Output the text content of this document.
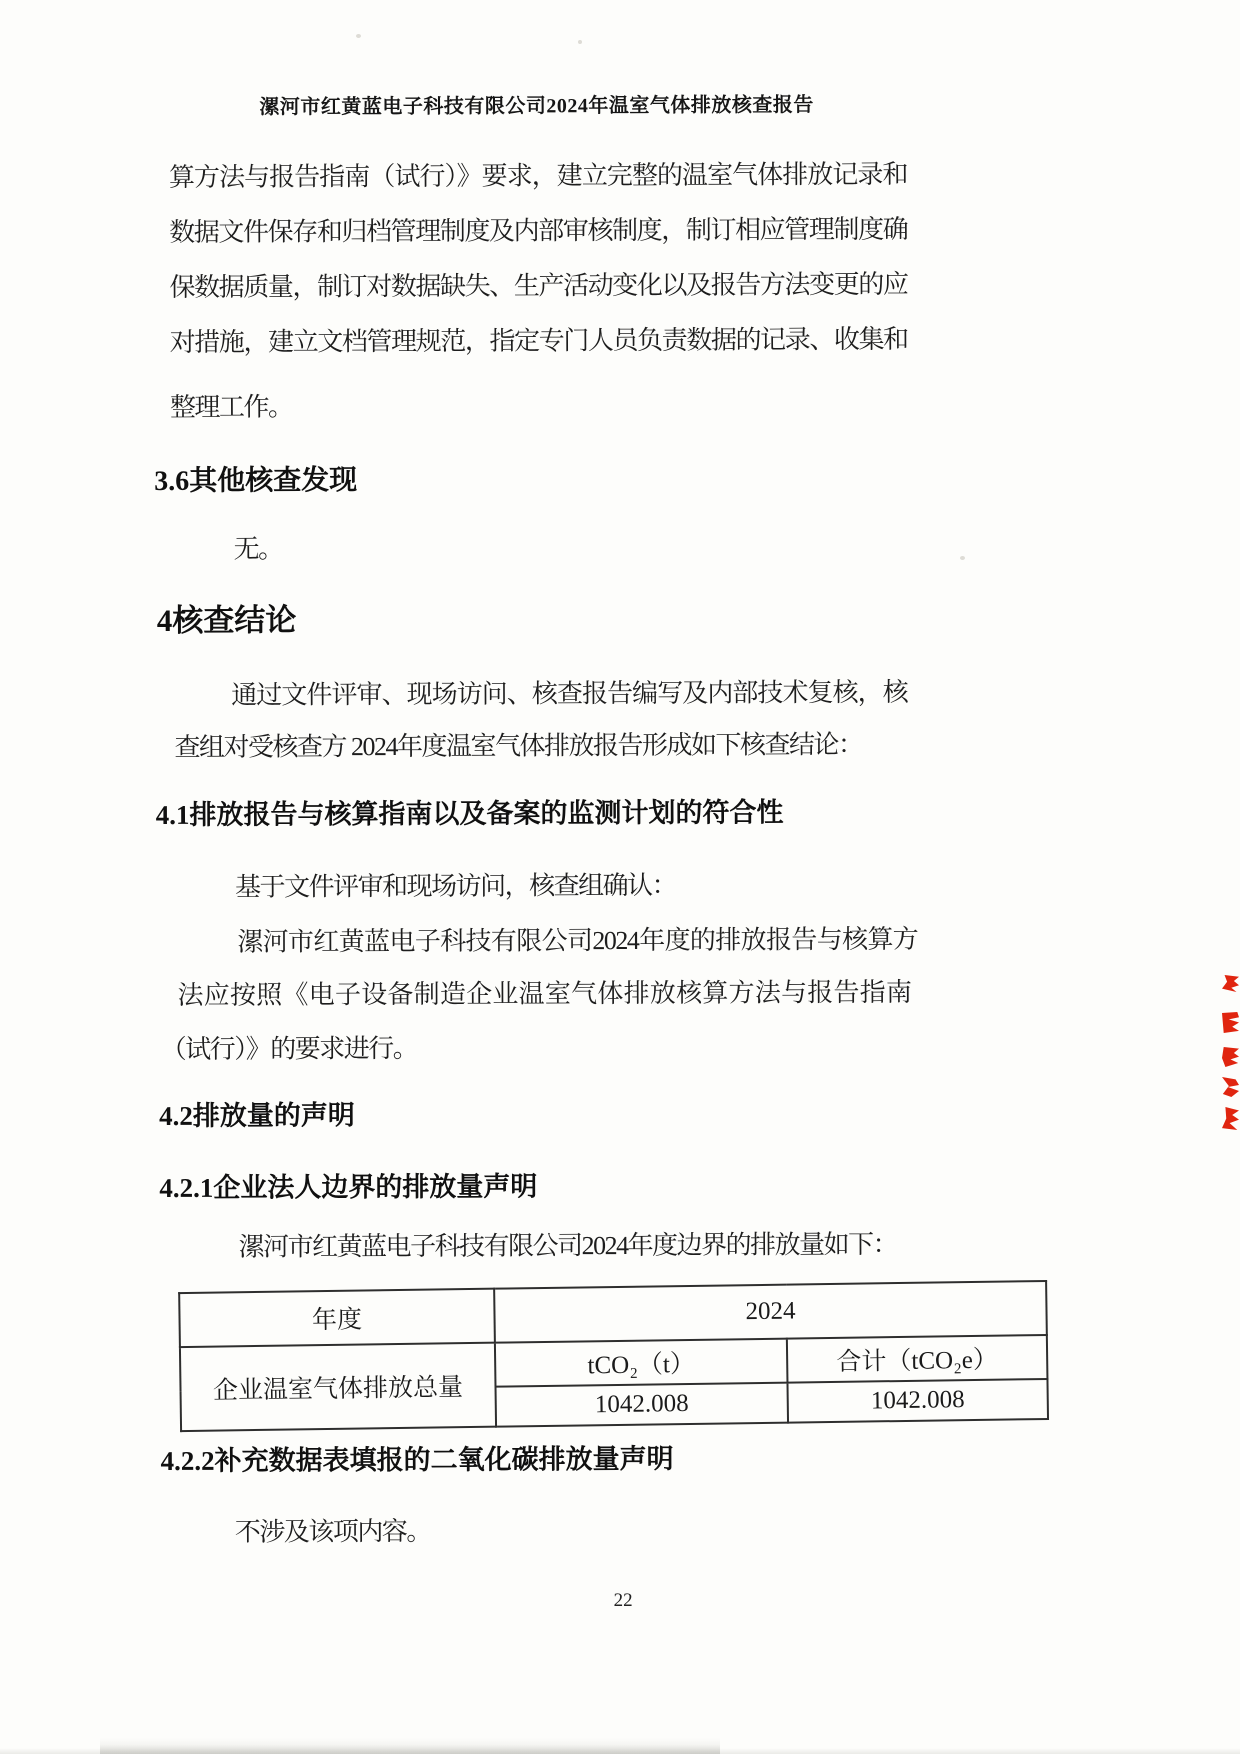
漯河市红黄蓝电子科技有限公司2024年温室气体排放核查报告
算方法与报告指南（试行）》要求，建立完整的温室气体排放记录和
数据文件保存和归档管理制度及内部审核制度，制订相应管理制度确
保数据质量，制订对数据缺失、生产活动变化以及报告方法变更的应
对措施，建立文档管理规范，指定专门人员负责数据的记录、收集和
整理工作。
3.6其他核查发现
无。
4核查结论
通过文件评审、现场访问、核查报告编写及内部技术复核，核
查组对受核查方 2024年度温室气体排放报告形成如下核查结论：
4.1排放报告与核算指南以及备案的监测计划的符合性
基于文件评审和现场访问，核查组确认：
漯河市红黄蓝电子科技有限公司2024年度的排放报告与核算方
法应按照《电子设备制造企业温室气体排放核算方法与报告指南
（试行）》的要求进行。
4.2排放量的声明
4.2.1企业法人边界的排放量声明
漯河市红黄蓝电子科技有限公司2024年度边界的排放量如下：
年度	2024	
企业温室气体排放总量	tCO₂（t）	合计（tCO₂e）
	1042.008	1042.008
4.2.2补充数据表填报的二氧化碳排放量声明
不涉及该项内容。
22
